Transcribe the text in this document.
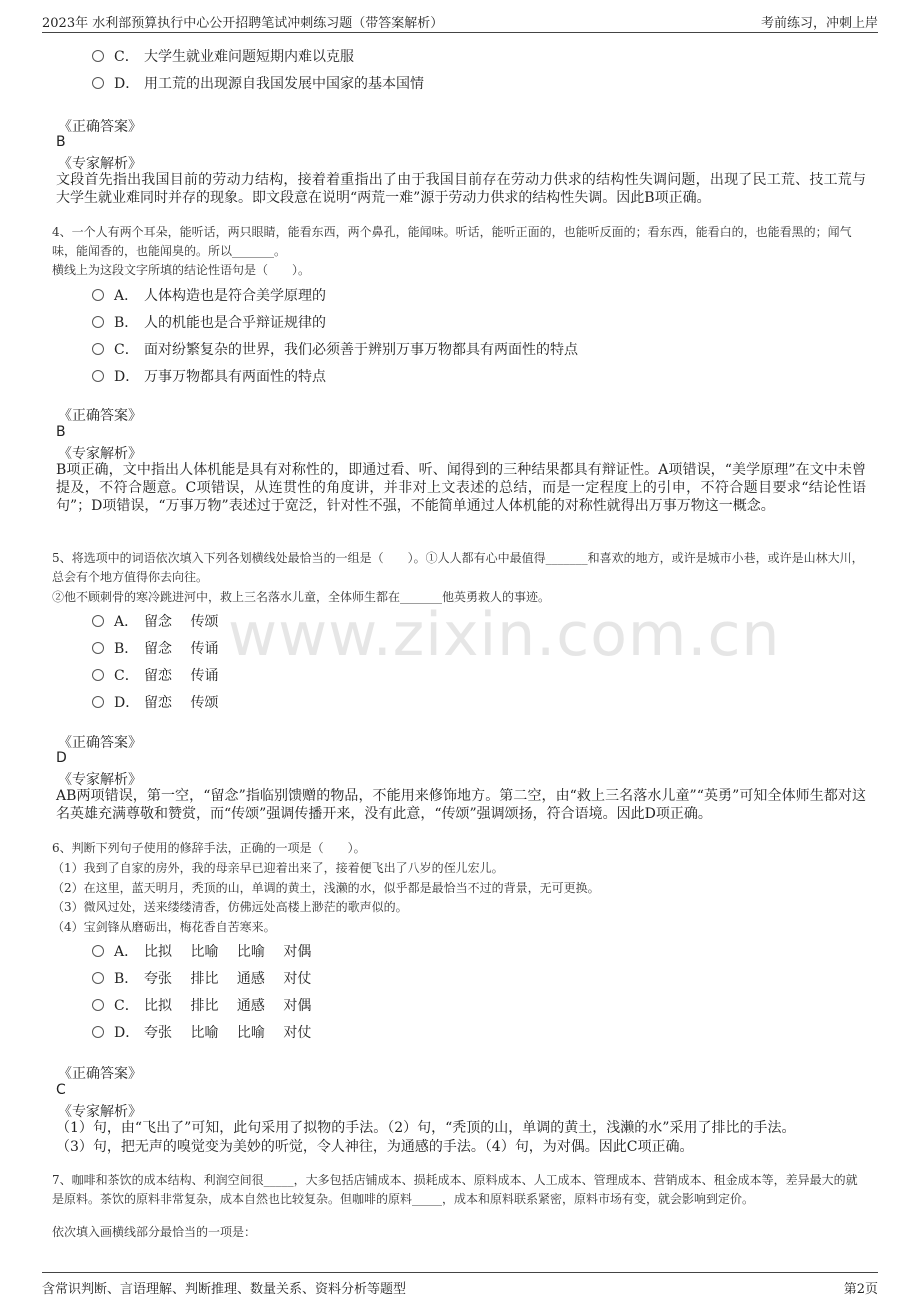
2023年 水利部预算执行中心公开招聘笔试冲刺练习题（带答案解析）	考前练习，冲刺上岸
www.zixin.com.cn
C． 大学生就业难问题短期内难以克服
D． 用工荒的出现源自我国发展中国家的基本国情
《正确答案》
B
《专家解析》
文段首先指出我国目前的劳动力结构，接着着重指出了由于我国目前存在劳动力供求的结构性失调问题，出现了民工荒、技工荒与大学生就业难同时并存的现象。即文段意在说明“两荒一难”源于劳动力供求的结构性失调。因此B项正确。
4、一个人有两个耳朵，能听话，两只眼睛，能看东西，两个鼻孔，能闻味。听话，能听正面的，也能听反面的；看东西，能看白的，也能看黑的；闻气味，能闻香的，也能闻臭的。所以_______。
横线上为这段文字所填的结论性语句是（　　）。
A． 人体构造也是符合美学原理的
B． 人的机能也是合乎辩证规律的
C． 面对纷繁复杂的世界，我们必须善于辨别万事万物都具有两面性的特点
D． 万事万物都具有两面性的特点
《正确答案》
B
《专家解析》
B项正确，文中指出人体机能是具有对称性的，即通过看、听、闻得到的三种结果都具有辩证性。A项错误，“美学原理”在文中未曾提及，不符合题意。C项错误，从连贯性的角度讲，并非对上文表述的总结，而是一定程度上的引申，不符合题目要求“结论性语句”；D项错误，“万事万物”表述过于宽泛，针对性不强，不能简单通过人体机能的对称性就得出万事万物这一概念。
5、将选项中的词语依次填入下列各划横线处最恰当的一组是（　　）。①人人都有心中最值得_______和喜欢的地方，或许是城市小巷，或许是山林大川，总会有个地方值得你去向往。
②他不顾刺骨的寒冷跳进河中，救上三名落水儿童，全体师生都在_______他英勇救人的事迹。
A． 留念 传颂
B． 留念 传诵
C． 留恋 传诵
D． 留恋 传颂
《正确答案》
D
《专家解析》
AB两项错误，第一空，“留念”指临别馈赠的物品，不能用来修饰地方。第二空，由“救上三名落水儿童”“英勇”可知全体师生都对这名英雄充满尊敬和赞赏，而“传颂”强调传播开来，没有此意，“传颂”强调颂扬，符合语境。因此D项正确。
6、判断下列句子使用的修辞手法，正确的一项是（　　）。
（1）我到了自家的房外，我的母亲早已迎着出来了，接着便飞出了八岁的侄儿宏儿。
（2）在这里，蓝天明月，秃顶的山，单调的黄土，浅濑的水，似乎都是最恰当不过的背景，无可更换。
（3）微风过处，送来缕缕清香，仿佛远处高楼上渺茫的歌声似的。
（4）宝剑锋从磨砺出，梅花香自苦寒来。
A． 比拟 比喻 比喻 对偶
B． 夸张 排比 通感 对仗
C． 比拟 排比 通感 对偶
D． 夸张 比喻 比喻 对仗
《正确答案》
C
《专家解析》
（1）句，由“飞出了”可知，此句采用了拟物的手法。（2）句，“秃顶的山，单调的黄土，浅濑的水”采用了排比的手法。
（3）句，把无声的嗅觉变为美妙的听觉，令人神往，为通感的手法。（4）句，为对偶。因此C项正确。
7、咖啡和茶饮的成本结构、利润空间很_____，大多包括店铺成本、损耗成本、原料成本、人工成本、管理成本、营销成本、租金成本等，差异最大的就是原料。茶饮的原料非常复杂，成本自然也比较复杂。但咖啡的原料_____，成本和原料联系紧密，原料市场有变，就会影响到定价。
依次填入画横线部分最恰当的一项是：
含常识判断、言语理解、判断推理、数量关系、资料分析等题型	第2页
